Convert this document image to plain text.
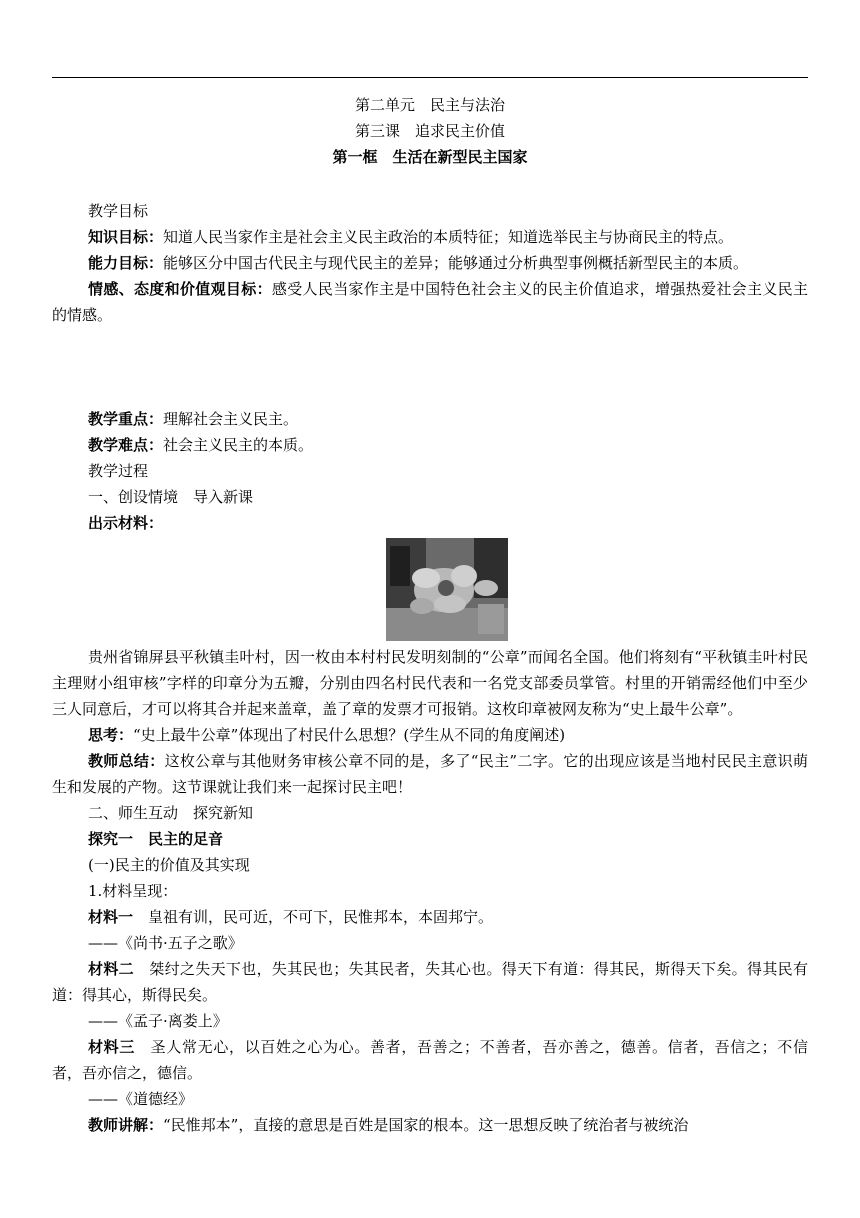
第二单元　民主与法治
第三课　追求民主价值
第一框　生活在新型民主国家

教学目标

知识目标：知道人民当家作主是社会主义民主政治的本质特征；知道选举民主与协商民主的特点。

能力目标：能够区分中国古代民主与现代民主的差异；能够通过分析典型事例概括新型民主的本质。

情感、态度和价值观目标：感受人民当家作主是中国特色社会主义的民主价值追求，增强热爱社会主义民主的情感。

教学重点：理解社会主义民主。

教学难点：社会主义民主的本质。

教学过程

一、创设情境　导入新课

出示材料：

贵州省锦屏县平秋镇圭叶村，因一枚由本村村民发明刻制的“公章”而闻名全国。他们将刻有“平秋镇圭叶村民主理财小组审核”字样的印章分为五瓣，分别由四名村民代表和一名党支部委员掌管。村里的开销需经他们中至少三人同意后，才可以将其合并起来盖章，盖了章的发票才可报销。这枚印章被网友称为“史上最牛公章”。

思考：“史上最牛公章”体现出了村民什么思想？(学生从不同的角度阐述)

教师总结：这枚公章与其他财务审核公章不同的是，多了“民主”二字。它的出现应该是当地村民民主意识萌生和发展的产物。这节课就让我们来一起探讨民主吧！

二、师生互动　探究新知

探究一　民主的足音

(一)民主的价值及其实现

1.材料呈现：

材料一　皇祖有训，民可近，不可下，民惟邦本，本固邦宁。

——《尚书·五子之歌》

材料二　桀纣之失天下也，失其民也；失其民者，失其心也。得天下有道：得其民，斯得天下矣。得其民有道：得其心，斯得民矣。

——《孟子·离娄上》

材料三　圣人常无心，以百姓之心为心。善者，吾善之；不善者，吾亦善之，德善。信者，吾信之；不信者，吾亦信之，德信。

——《道德经》

教师讲解：“民惟邦本”，直接的意思是百姓是国家的根本。这一思想反映了统治者与被统治
